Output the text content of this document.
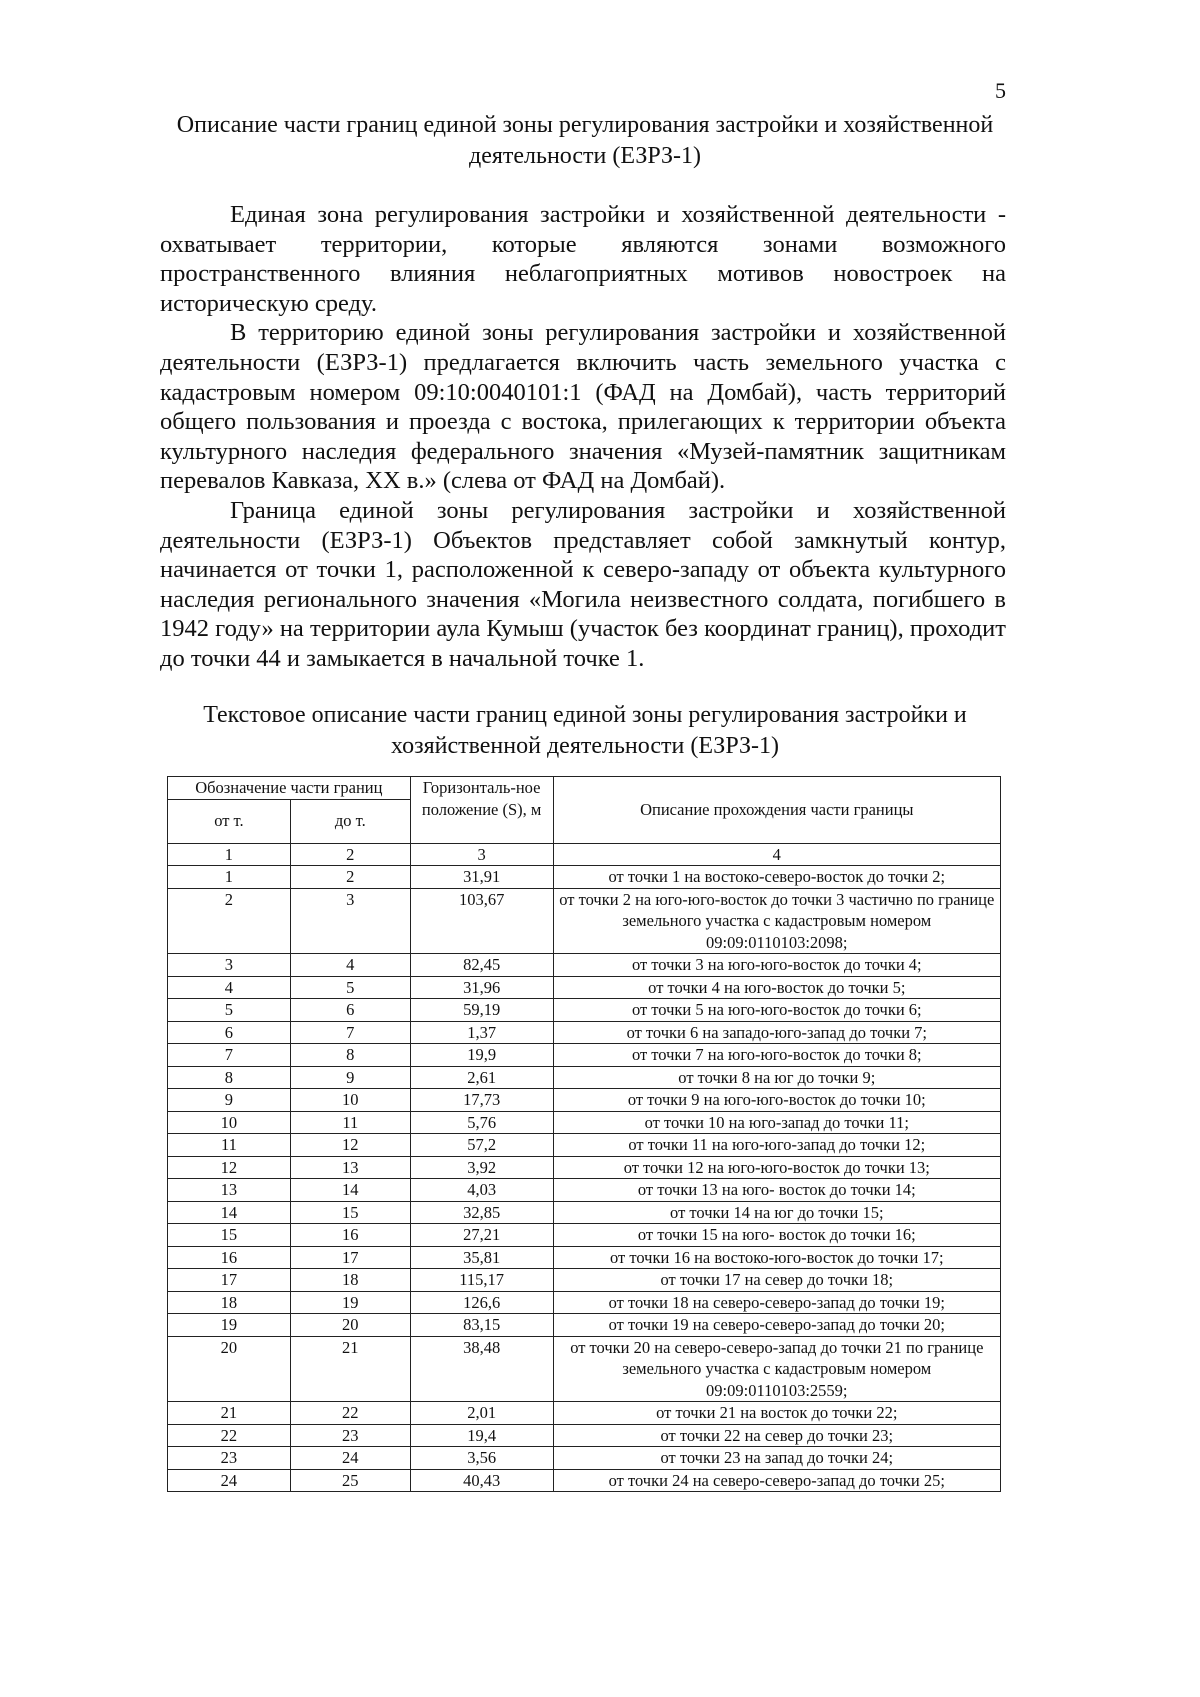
5
Описание части границ единой зоны регулирования застройки и хозяйственной деятельности (ЕЗРЗ-1)

Единая зона регулирования застройки и хозяйственной деятельности - охватывает территории, которые являются зонами возможного пространственного влияния неблагоприятных мотивов новостроек на историческую среду.

В территорию единой зоны регулирования застройки и хозяйственной деятельности (ЕЗРЗ-1) предлагается включить часть земельного участка с кадастровым номером 09:10:0040101:1 (ФАД на Домбай), часть территорий общего пользования и проезда с востока, прилегающих к территории объекта культурного наследия федерального значения «Музей-памятник защитникам перевалов Кавказа, XX в.» (слева от ФАД на Домбай).

Граница единой зоны регулирования застройки и хозяйственной деятельности (ЕЗРЗ-1) Объектов представляет собой замкнутый контур, начинается от точки 1, расположенной к северо-западу от объекта культурного наследия регионального значения «Могила неизвестного солдата, погибшего в 1942 году» на территории аула Кумыш (участок без координат границ), проходит до точки 44 и замыкается в начальной точке 1.

Текстовое описание части границ единой зоны регулирования застройки и хозяйственной деятельности (ЕЗРЗ-1)
Обозначение части границ		Горизонталь-ное положение (S), м	Описание прохождения части границы
от т.	до т.		
1	2	3	4
1	2	31,91	от точки 1 на востоко-северо-восток до точки 2;
2	3	103,67	от точки 2 на юго-юго-восток до точки 3 частично по границе земельного участка с кадастровым номером 09:09:0110103:2098;
3	4	82,45	от точки 3 на юго-юго-восток до точки 4;
4	5	31,96	от точки 4 на юго-восток до точки 5;
5	6	59,19	от точки 5 на юго-юго-восток до точки 6;
6	7	1,37	от точки 6 на западо-юго-запад до точки 7;
7	8	19,9	от точки 7 на юго-юго-восток до точки 8;
8	9	2,61	от точки 8 на юг до точки 9;
9	10	17,73	от точки 9 на юго-юго-восток до точки 10;
10	11	5,76	от точки 10 на юго-запад до точки 11;
11	12	57,2	от точки 11 на юго-юго-запад до точки 12;
12	13	3,92	от точки 12 на юго-юго-восток до точки 13;
13	14	4,03	от точки 13 на юго- восток до точки 14;
14	15	32,85	от точки 14 на юг до точки 15;
15	16	27,21	от точки 15 на юго- восток до точки 16;
16	17	35,81	от точки 16 на востоко-юго-восток до точки 17;
17	18	115,17	от точки 17 на север до точки 18;
18	19	126,6	от точки 18 на северо-северо-запад до точки 19;
19	20	83,15	от точки 19 на северо-северо-запад до точки 20;
20	21	38,48	от точки 20 на северо-северо-запад до точки 21 по границе земельного участка с кадастровым номером 09:09:0110103:2559;
21	22	2,01	от точки 21 на восток до точки 22;
22	23	19,4	от точки 22 на север до точки 23;
23	24	3,56	от точки 23 на запад до точки 24;
24	25	40,43	от точки 24 на северо-северо-запад до точки 25;
